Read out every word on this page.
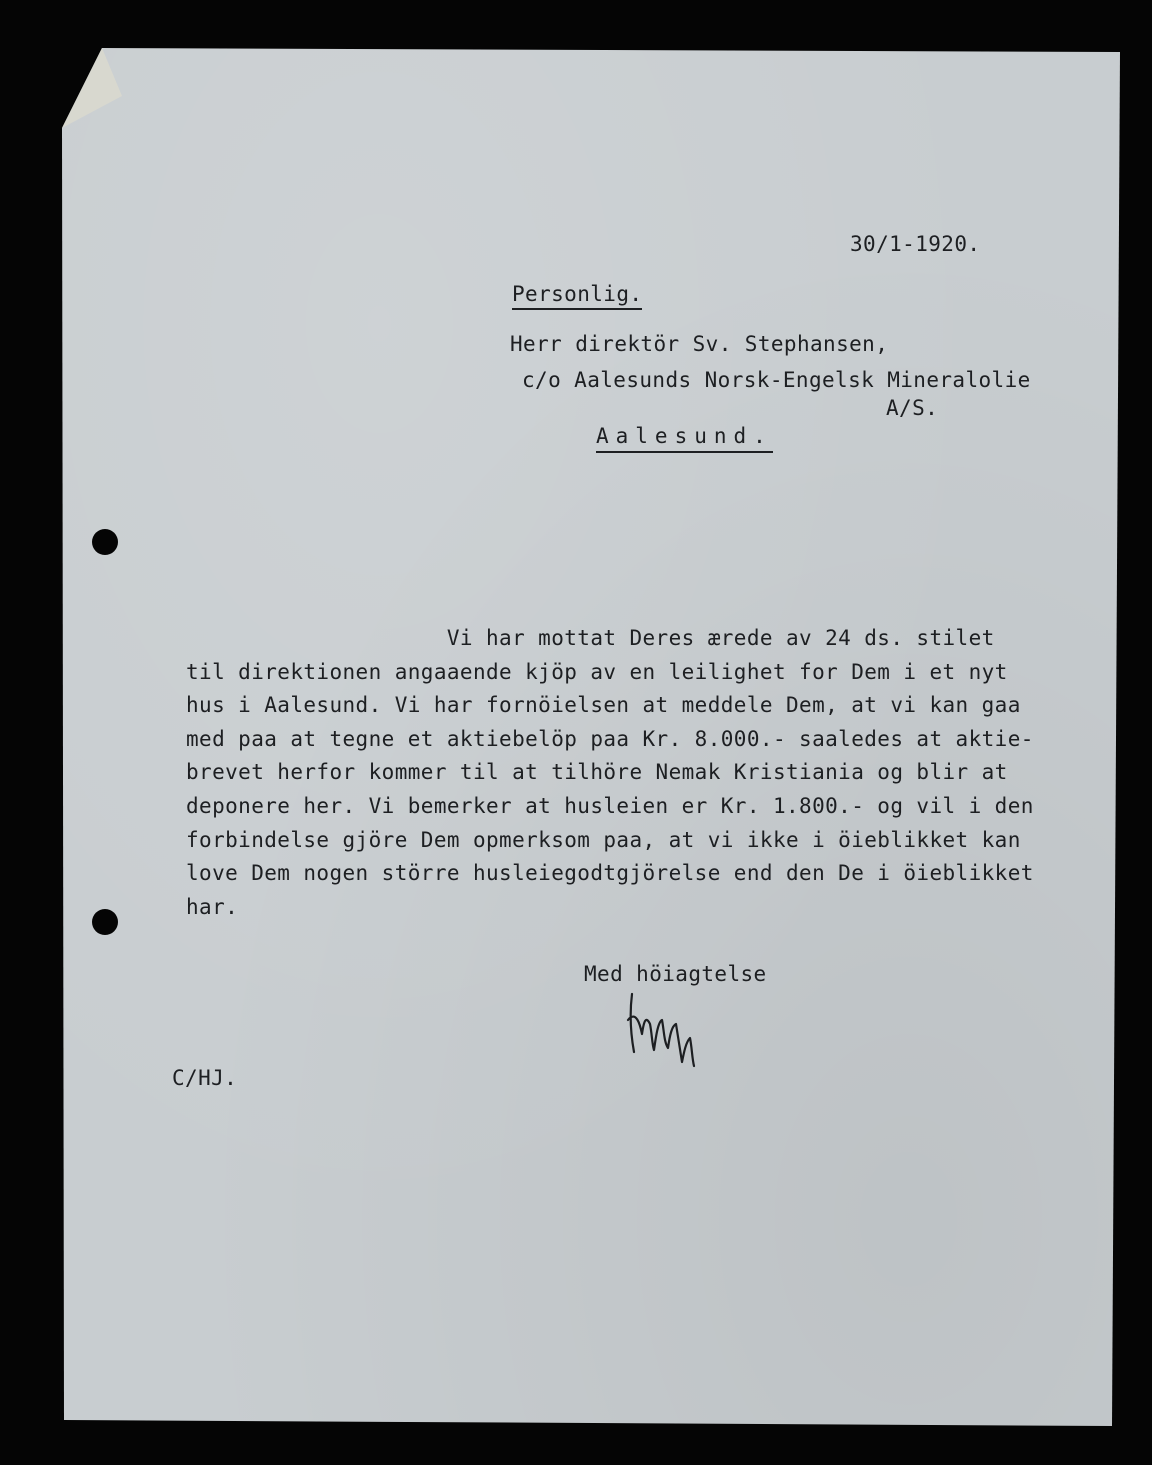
30/1-1920.

Personlig.

Herr direktör Sv. Stephansen,

c/o Aalesunds Norsk-Engelsk Mineralolie

A/S.

Aalesund.

Vi har mottat Deres ærede av 24 ds. stilet
til direktionen angaaende kjöp av en leilighet for Dem i et nyt
hus i Aalesund. Vi har fornöielsen at meddele Dem, at vi kan gaa
med paa at tegne et aktiebelöp paa Kr. 8.000.- saaledes at aktie-
brevet herfor kommer til at tilhöre Nemak Kristiania og blir at
deponere her. Vi bemerker at husleien er Kr. 1.800.- og vil i den
forbindelse gjöre Dem opmerksom paa, at vi ikke i öieblikket kan
love Dem nogen större husleiegodtgjörelse end den De i öieblikket
har.

Med höiagtelse

C/HJ.
